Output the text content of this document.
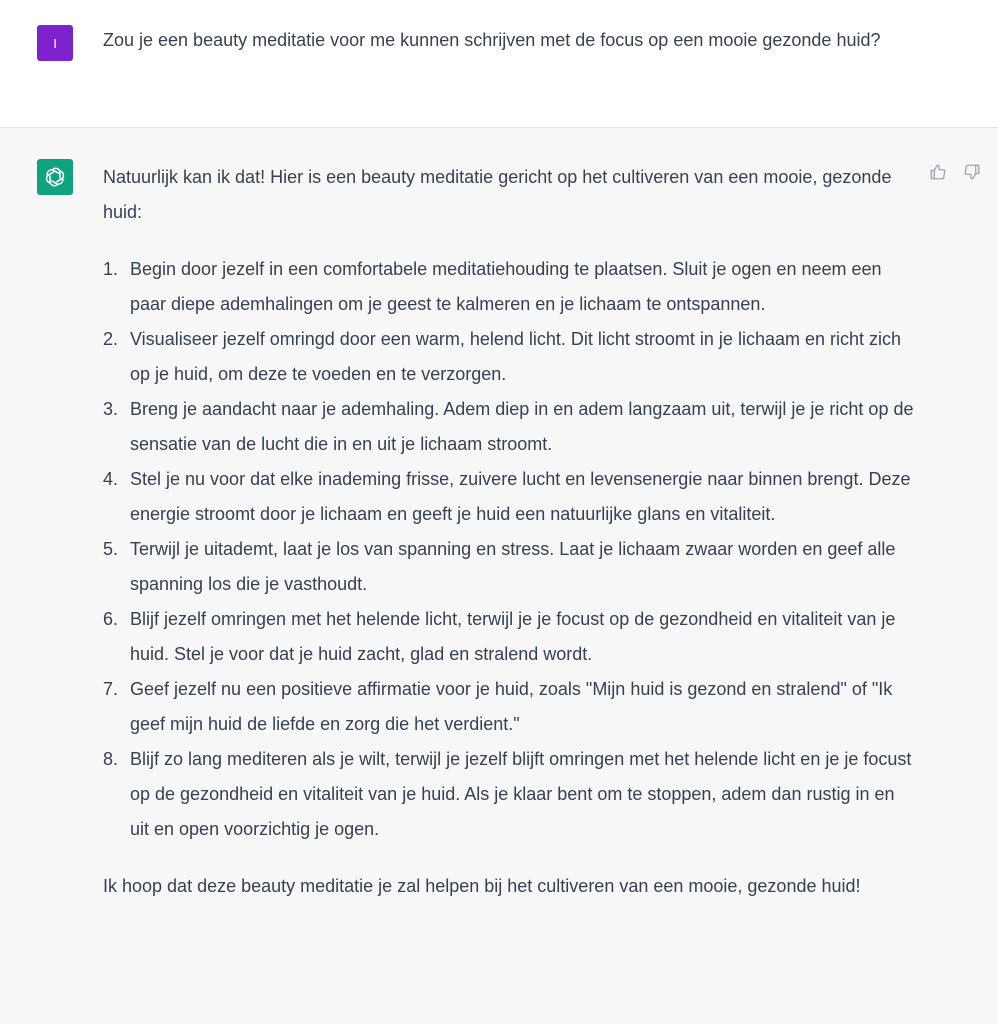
I	Zou je een beauty meditatie voor me kunnen schrijven met de focus op een mooie gezonde huid?

Natuurlijk kan ik dat! Hier is een beauty meditatie gericht op het cultiveren van een mooie, gezonde huid:

1. Begin door jezelf in een comfortabele meditatiehouding te plaatsen. Sluit je ogen en neem een paar diepe ademhalingen om je geest te kalmeren en je lichaam te ontspannen.
2. Visualiseer jezelf omringd door een warm, helend licht. Dit licht stroomt in je lichaam en richt zich op je huid, om deze te voeden en te verzorgen.
3. Breng je aandacht naar je ademhaling. Adem diep in en adem langzaam uit, terwijl je je richt op de sensatie van de lucht die in en uit je lichaam stroomt.
4. Stel je nu voor dat elke inademing frisse, zuivere lucht en levensenergie naar binnen brengt. Deze energie stroomt door je lichaam en geeft je huid een natuurlijke glans en vitaliteit.
5. Terwijl je uitademt, laat je los van spanning en stress. Laat je lichaam zwaar worden en geef alle spanning los die je vasthoudt.
6. Blijf jezelf omringen met het helende licht, terwijl je je focust op de gezondheid en vitaliteit van je huid. Stel je voor dat je huid zacht, glad en stralend wordt.
7. Geef jezelf nu een positieve affirmatie voor je huid, zoals "Mijn huid is gezond en stralend" of "Ik geef mijn huid de liefde en zorg die het verdient."
8. Blijf zo lang mediteren als je wilt, terwijl je jezelf blijft omringen met het helende licht en je je focust op de gezondheid en vitaliteit van je huid. Als je klaar bent om te stoppen, adem dan rustig in en uit en open voorzichtig je ogen.

Ik hoop dat deze beauty meditatie je zal helpen bij het cultiveren van een mooie, gezonde huid!
